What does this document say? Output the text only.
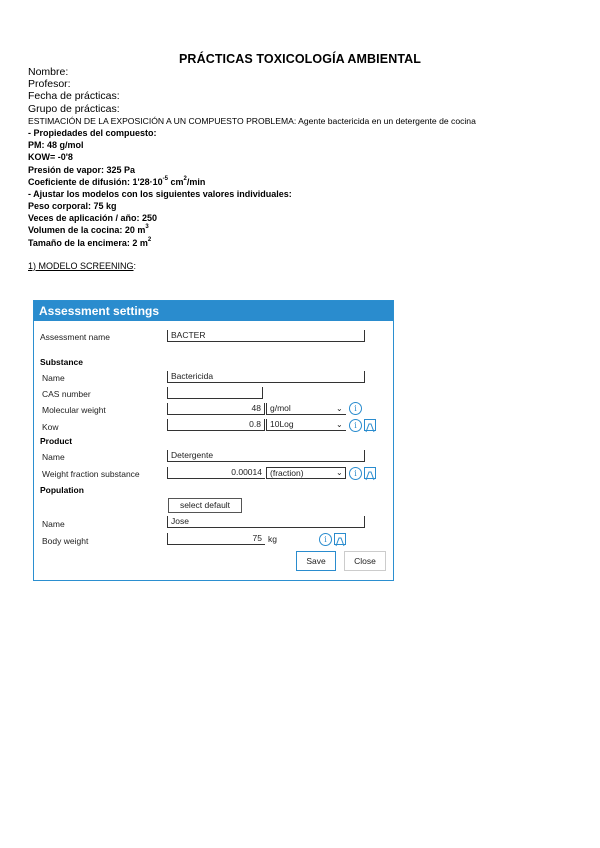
PRÁCTICAS TOXICOLOGÍA AMBIENTAL
Nombre:
Profesor:
Fecha de prácticas:
Grupo de prácticas:
ESTIMACIÓN DE LA EXPOSICIÓN A UN COMPUESTO PROBLEMA: Agente bactericida en un detergente de cocina
- Propiedades del compuesto:
PM: 48 g/mol
KOW= -0'8
Presión de vapor: 325 Pa
Coeficiente de difusión: $1'28\cdot 10^{-5}$ $cm^2/\min$
- Ajustar los modelos con los siguientes valores individuales:
Peso corporal: 75 kg
Veces de aplicación / año: 250
Volumen de la cocina: 20 $m^3$
Tamaño de la encimera: 2 $m^2$
1) MODELO SCREENING:
Assessment settings
Assessment name	BACTER
Substance
Name	Bactericida
CAS number
Molecular weight	48	g/mol	⌄	i
Kow	0.8	10Log	⌄	i
Product
Name	Detergente
Weight fraction substance	0.00014 (fraction)	⌄	i
Population
select default
Name	Jose
Body weight	75 kg	i
Save	Close
